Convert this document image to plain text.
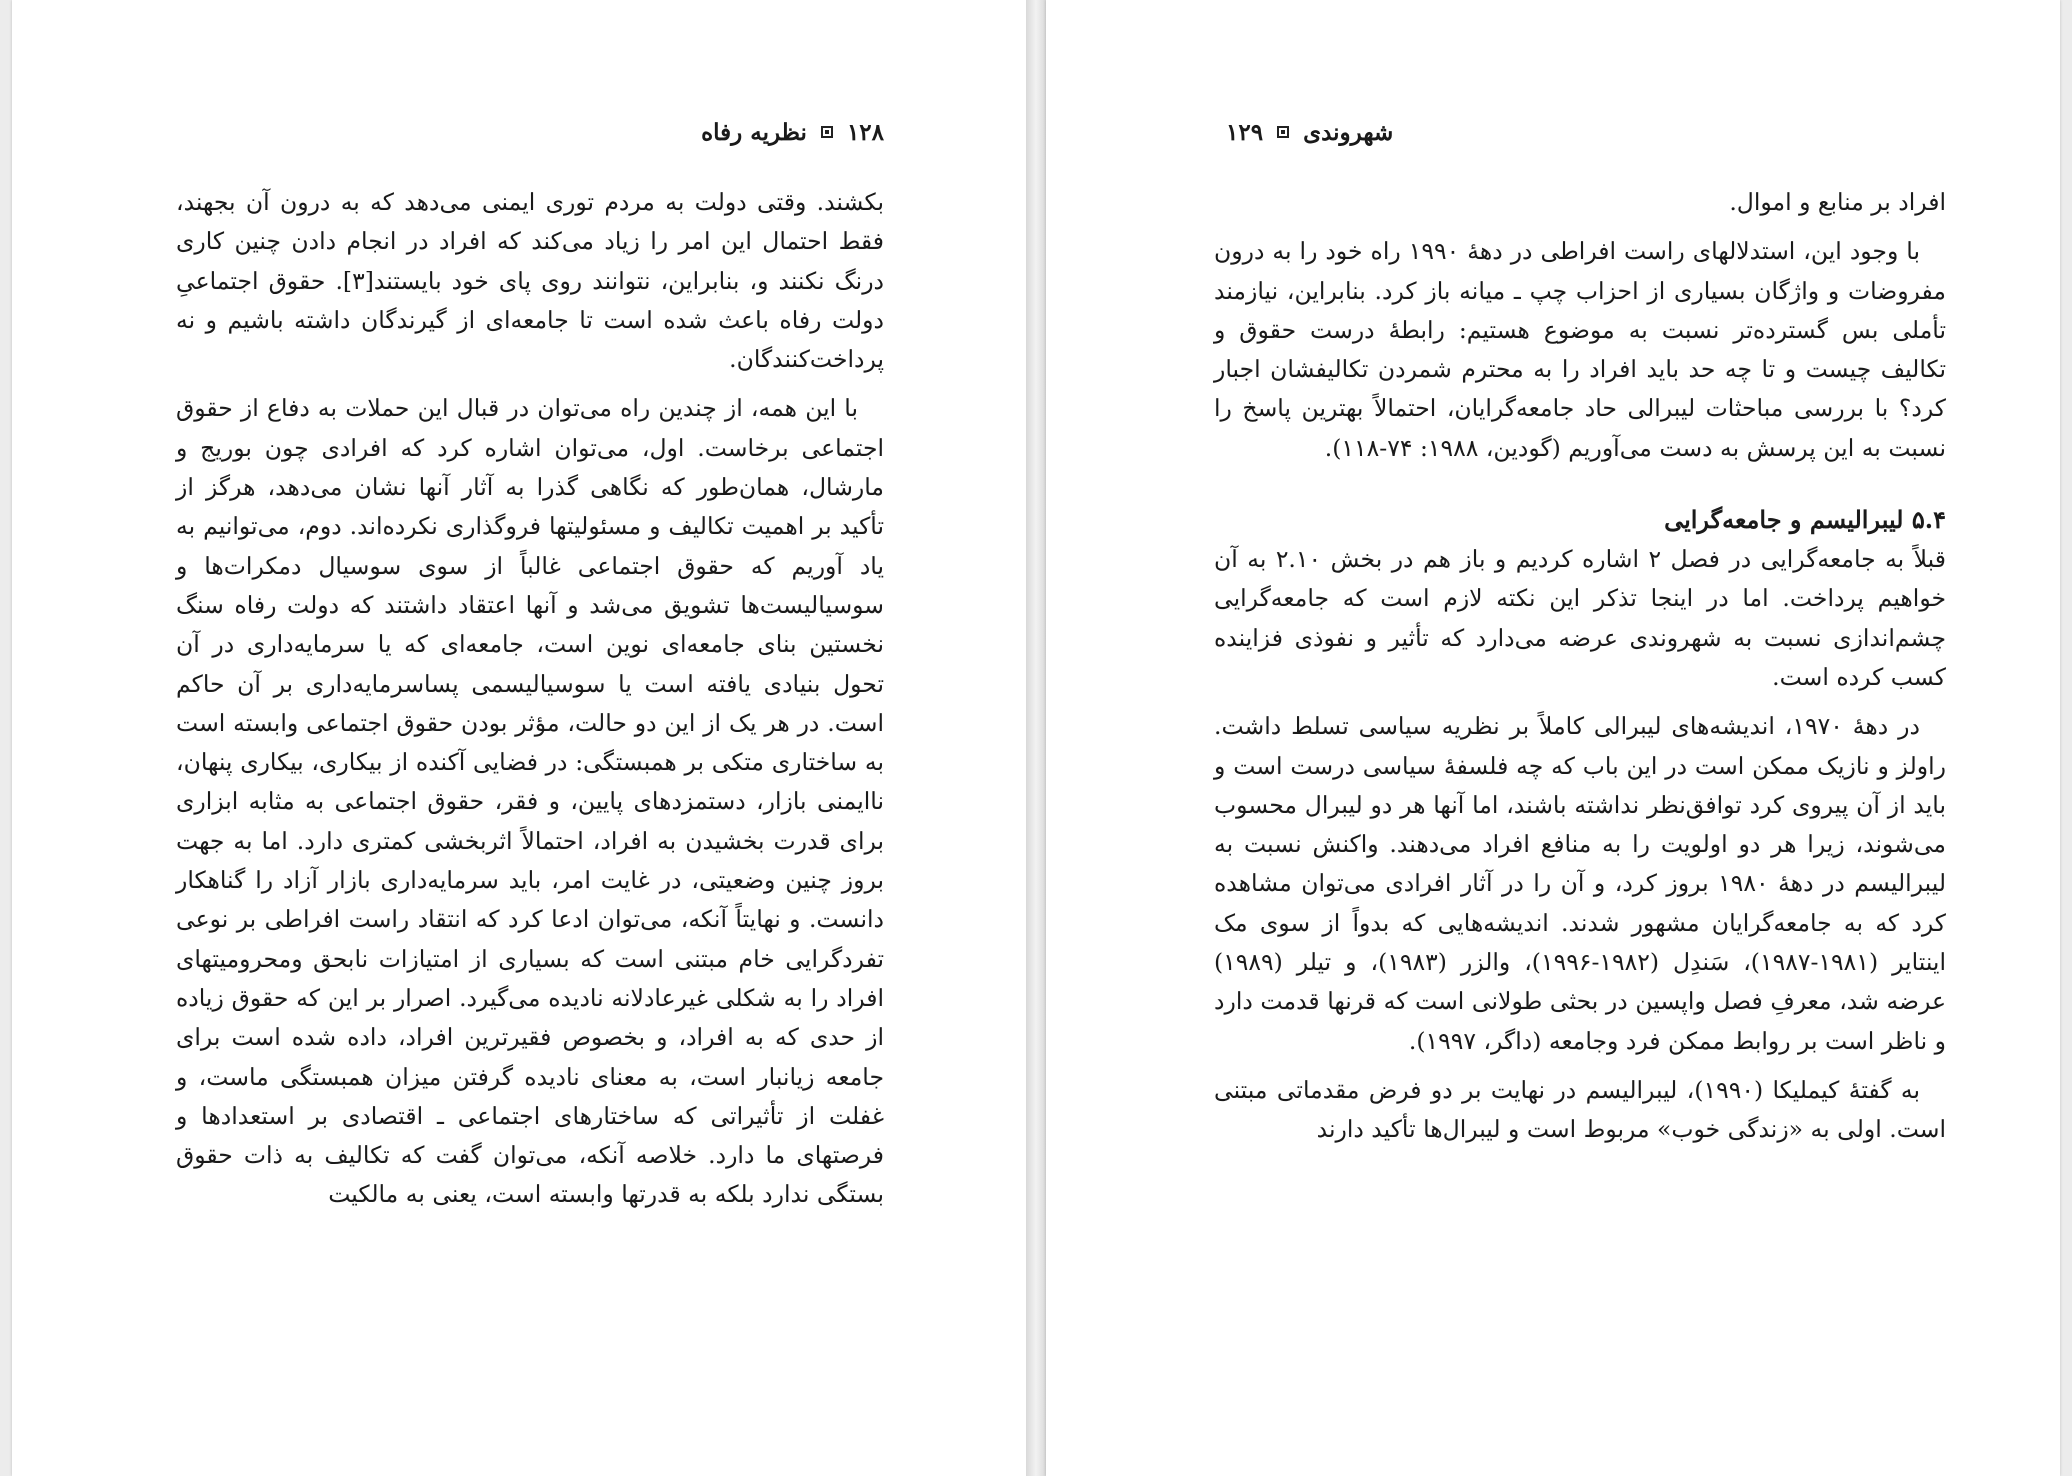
۱۲۸
نظریه رفاه

بکشند. وقتی دولت به مردم توری ایمنی می‌دهد که به درون آن بجهند، فقط احتمال این امر را زیاد می‌کند که افراد در انجام دادن چنین کاری درنگ نکنند و، بنابراین، نتوانند روی پای خود بایستند[۳]. حقوق اجتماعیِ دولت رفاه باعث شده است تا جامعه‌ای از گیرندگان داشته باشیم و نه پرداخت‌کنندگان.

با این همه، از چندین راه می‌توان در قبال این حملات به دفاع از حقوق اجتماعی برخاست. اول، می‌توان اشاره کرد که افرادی چون بوریج و مارشال، همان‌طور که نگاهی گذرا به آثار آنها نشان می‌دهد، هرگز از تأکید بر اهمیت تکالیف و مسئولیتها فروگذاری نکرده‌اند. دوم، می‌توانیم به یاد آوریم که حقوق اجتماعی غالباً از سوی سوسیال دمکرات‌ها و سوسیالیست‌ها تشویق می‌شد و آنها اعتقاد داشتند که دولت رفاه سنگ نخستین بنای جامعه‌ای نوین است، جامعه‌ای که یا سرمایه‌داری در آن تحول بنیادی یافته است یا سوسیالیسمی پساسرمایه‌داری بر آن حاکم است. در هر یک از این دو حالت، مؤثر بودن حقوق اجتماعی وابسته است به ساختاری متکی بر همبستگی: در فضایی آکنده از بیکاری، بیکاری پنهان، ناایمنی بازار، دستمزدهای پایین، و فقر، حقوق اجتماعی به مثابه ابزاری برای قدرت بخشیدن به افراد، احتمالاً اثربخشی کمتری دارد. اما به جهت بروز چنین وضعیتی، در غایت امر، باید سرمایه‌داری بازار آزاد را گناهکار دانست. و نهایتاً آنکه، می‌توان ادعا کرد که انتقاد راست افراطی بر نوعی تفردگرایی خام مبتنی است که بسیاری از امتیازات نابحق ومحرومیتهای افراد را به شکلی غیرعادلانه نادیده می‌گیرد. اصرار بر این که حقوق زیاده از حدی که به افراد، و بخصوص فقیرترین افراد، داده شده است برای جامعه زیانبار است، به معنای نادیده گرفتن میزان همبستگی ماست، و غفلت از تأثیراتی که ساختارهای اجتماعی ـ اقتصادی بر استعدادها و فرصتهای ما دارد. خلاصه آنکه، می‌توان گفت که تکالیف به ذات حقوق بستگی ندارد بلکه به قدرتها وابسته است، یعنی به مالکیت

شهروندی
۱۲۹

افراد بر منابع و اموال.

با وجود این، استدلالهای راست افراطی در دههٔ ۱۹۹۰ راه خود را به درون مفروضات و واژگان بسیاری از احزاب چپ ـ میانه باز کرد. بنابراین، نیازمند تأملی بس گسترده‌تر نسبت به موضوع هستیم: رابطهٔ درست حقوق و تکالیف چیست و تا چه حد باید افراد را به محترم شمردن تکالیفشان اجبار کرد؟ با بررسی مباحثات لیبرالی حاد جامعه‌گرایان، احتمالاً بهترین پاسخ را نسبت به این پرسش به دست می‌آوریم (گودین، ۱۹۸۸: ۷۴-۱۱۸).

۵.۴ لیبرالیسم و جامعه‌گرایی

قبلاً به جامعه‌گرایی در فصل ۲ اشاره کردیم و باز هم در بخش ۲.۱۰ به آن خواهیم پرداخت. اما در اینجا تذکر این نکته لازم است که جامعه‌گرایی چشم‌اندازی نسبت به شهروندی عرضه می‌دارد که تأثیر و نفوذی فزاینده کسب کرده است.

در دههٔ ۱۹۷۰، اندیشه‌های لیبرالی کاملاً بر نظریه سیاسی تسلط داشت. راولز و نازیک ممکن است در این باب که چه فلسفهٔ سیاسی درست است و باید از آن پیروی کرد توافق‌نظر نداشته باشند، اما آنها هر دو لیبرال محسوب می‌شوند، زیرا هر دو اولویت را به منافع افراد می‌دهند. واکنش نسبت به لیبرالیسم در دههٔ ۱۹۸۰ بروز کرد، و آن را در آثار افرادی می‌توان مشاهده کرد که به جامعه‌گرایان مشهور شدند. اندیشه‌هایی که بدواً از سوی مک اینتایر (۱۹۸۱-۱۹۸۷)، سَندِل (۱۹۸۲-۱۹۹۶)، والزر (۱۹۸۳)، و تیلر (۱۹۸۹) عرضه شد، معرفِ فصل واپسین در بحثی طولانی است که قرنها قدمت دارد و ناظر است بر روابط ممکن فرد وجامعه (داگر، ۱۹۹۷).

به گفتهٔ کیملیکا (۱۹۹۰)، لیبرالیسم در نهایت بر دو فرض مقدماتی مبتنی است. اولی به «زندگی خوب» مربوط است و لیبرال‌ها تأکید دارند
